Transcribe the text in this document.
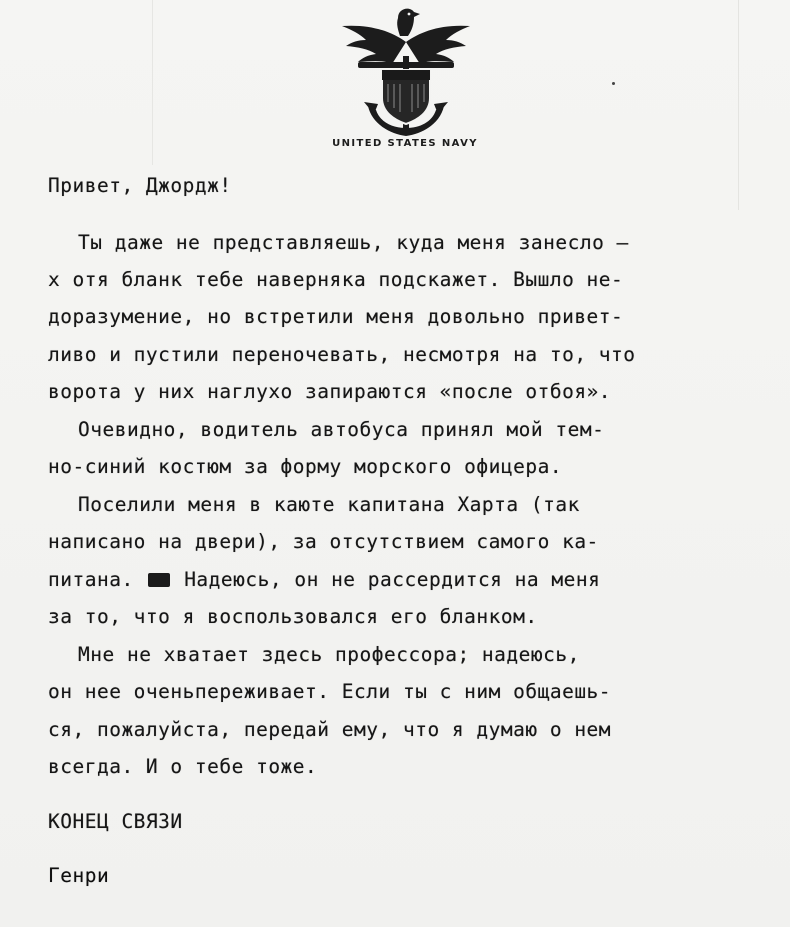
UNITED STATES NAVY
Привет, Джордж!
Ты даже не представляешь, куда меня занесло —
х отя бланк тебе наверняка подскажет. Вышло не-
доразумение, но встретили меня довольно привет-
ливо и пустили переночевать, несмотря на то, что
ворота у них наглухо запираются «после отбоя».
Очевидно, водитель автобуса принял мой тем-
но-синий костюм за форму морского офицера.
Поселили меня в каюте капитана Харта (так
написано на двери), за отсутствием самого ка-
питана.	Надеюсь, он не рассердится на меня
за то, что я воспользовался его бланком.
Мне не хватает здесь профессора; надеюсь,
он нее оченьпереживает. Если ты с ним общаешь-
ся, пожалуйста, передай ему, что я думаю о нем
всегда. И о тебе тоже.
КОНЕЦ СВЯЗИ
Генри
